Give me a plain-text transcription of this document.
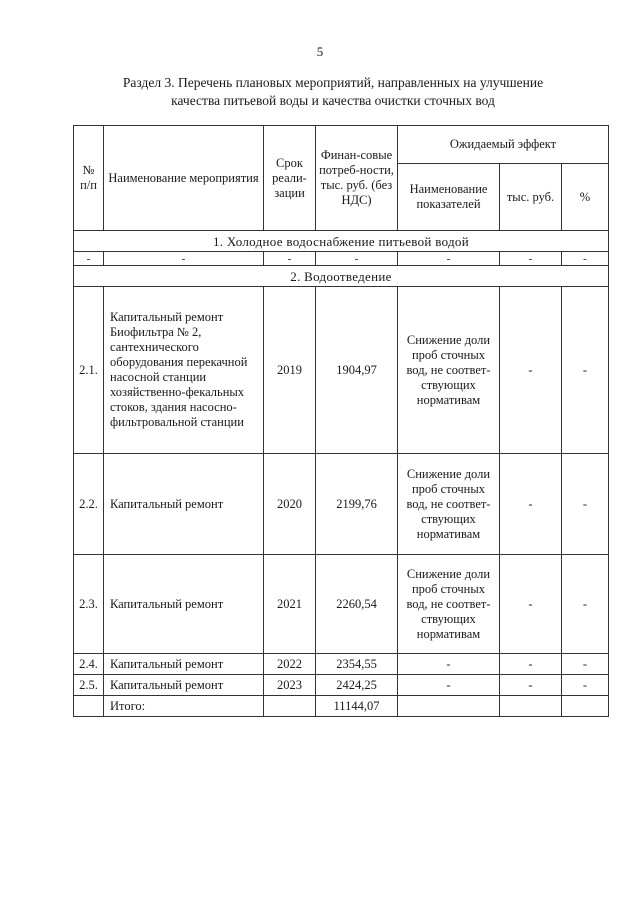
5
Раздел 3. Перечень плановых мероприятий, направленных на улучшение
качества питьевой воды и качества очистки сточных вод
№ п/п	Наименование мероприятия	Срок реали-зации	Финан-совые потреб-ности, тыс. руб. (без НДС)	Ожидаемый эффект		
				Наименование показателей	тыс. руб.	%
1. Холодное водоснабжение питьевой водой						
-	-	-	-	-	-	-
2. Водоотведение						
2.1.	Капитальный ремонт Биофильтра № 2, сантехнического оборудования перекачной насосной станции хозяйственно-фекальных стоков, здания насосно-фильтровальной станции	2019	1904,97	Снижение доли проб сточных вод, не соответ-ствующих нормативам	-	-
2.2.	Капитальный ремонт	2020	2199,76	Снижение доли проб сточных вод, не соответ-ствующих нормативам	-	-
2.3.	Капитальный ремонт	2021	2260,54	Снижение доли проб сточных вод, не соответ-ствующих нормативам	-	-
2.4.	Капитальный ремонт	2022	2354,55	-	-	-
2.5.	Капитальный ремонт	2023	2424,25	-	-	-
	Итого:		11144,07			
